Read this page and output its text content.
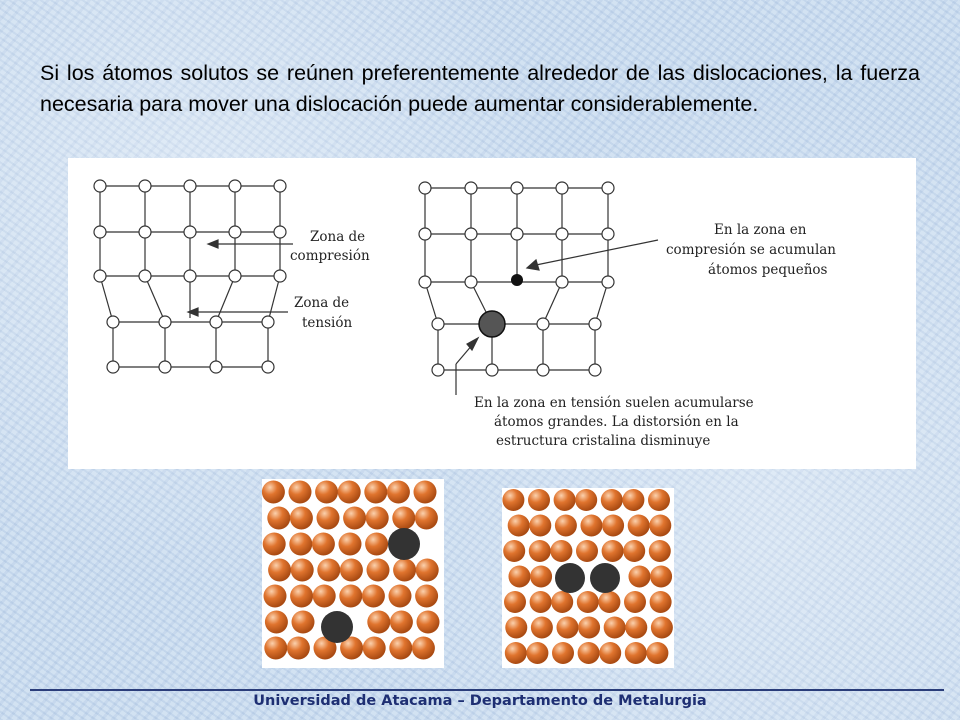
Si los átomos solutos se reúnen preferentemente alrededor de las dislocaciones, la fuerza necesaria para mover una dislocación puede aumentar considerablemente.

Zona de
compresión
Zona de
tensión
En la zona en
compresión se acumulan
átomos pequeños
En la zona en tensión suelen acumularse
átomos grandes. La distorsión en la
estructura cristalina disminuye

Universidad de Atacama – Departamento de Metalurgia
